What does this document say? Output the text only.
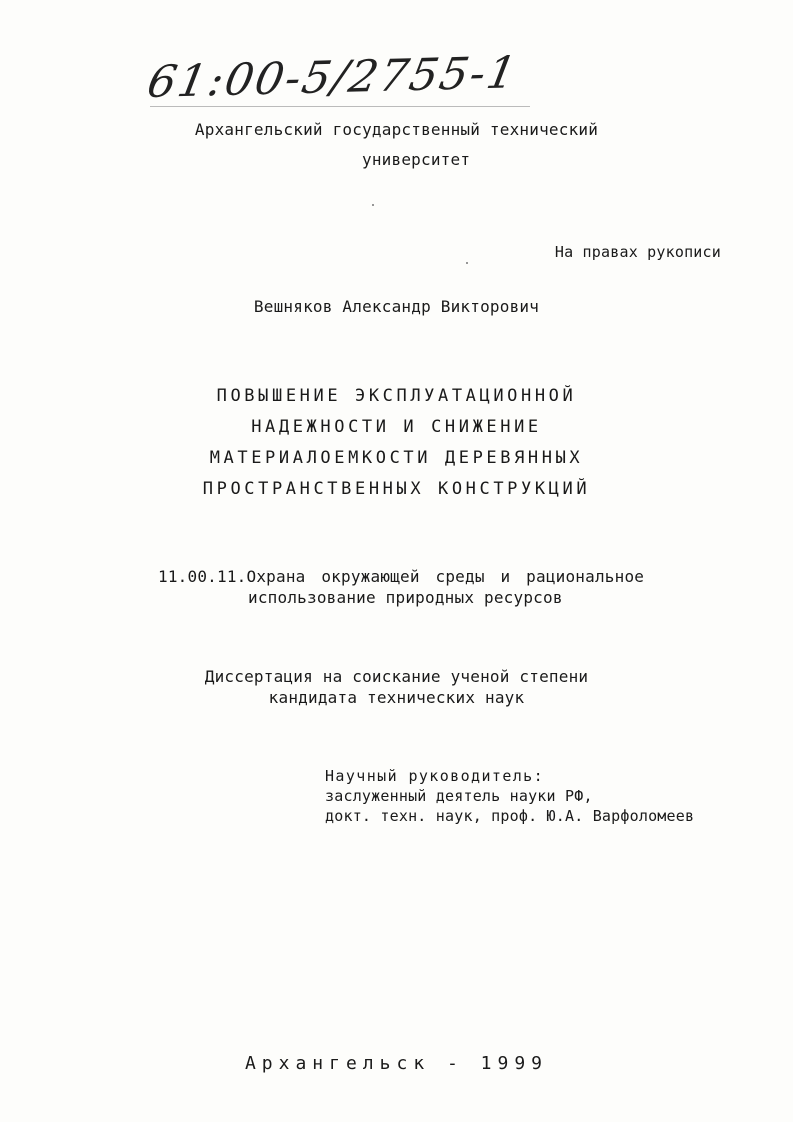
61:00-5/2755-1
Архангельский государственный технический
университет
На правах рукописи
Вешняков Александр Викторович
ПОВЫШЕНИЕ ЭКСПЛУАТАЦИОННОЙ
НАДЕЖНОСТИ И СНИЖЕНИЕ
МАТЕРИАЛОЕМКОСТИ ДЕРЕВЯННЫХ
ПРОСТРАНСТВЕННЫХ КОНСТРУКЦИЙ
11.00.11.Охрана окружающей среды и рациональное
использование природных ресурсов
Диссертация на соискание ученой степени
кандидата технических наук
Научный руководитель:
заслуженный деятель науки РФ,
докт. техн. наук, проф. Ю.А. Варфоломеев
Архангельск - 1999
